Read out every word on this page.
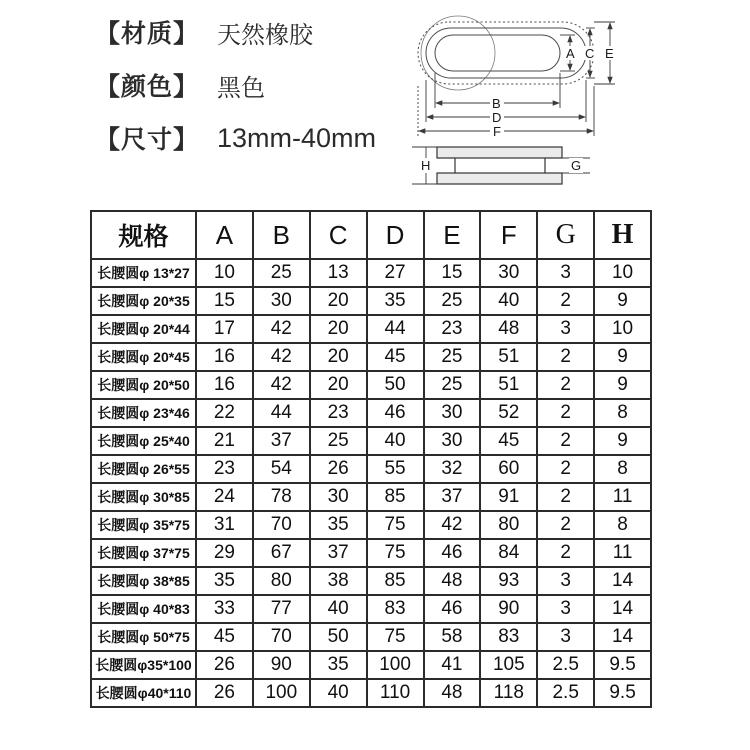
【材质】 天然橡胶
【颜色】 黑色
【尺寸】 13mm-40mm
A C E
B
D
F
H	G
规格	A	B	C	D	E	F	G	H
长腰圆φ 13*27	10	25	13	27	15	30	3	10
长腰圆φ 20*35	15	30	20	35	25	40	2	9
长腰圆φ 20*44	17	42	20	44	23	48	3	10
长腰圆φ 20*45	16	42	20	45	25	51	2	9
长腰圆φ 20*50	16	42	20	50	25	51	2	9
长腰圆φ 23*46	22	44	23	46	30	52	2	8
长腰圆φ 25*40	21	37	25	40	30	45	2	9
长腰圆φ 26*55	23	54	26	55	32	60	2	8
长腰圆φ 30*85	24	78	30	85	37	91	2	11
长腰圆φ 35*75	31	70	35	75	42	80	2	8
长腰圆φ 37*75	29	67	37	75	46	84	2	11
长腰圆φ 38*85	35	80	38	85	48	93	3	14
长腰圆φ 40*83	33	77	40	83	46	90	3	14
长腰圆φ 50*75	45	70	50	75	58	83	3	14
长腰圆φ35*100	26	90	35	100	41	105	2.5	9.5
长腰圆φ40*110	26	100	40	110	48	118	2.5	9.5
